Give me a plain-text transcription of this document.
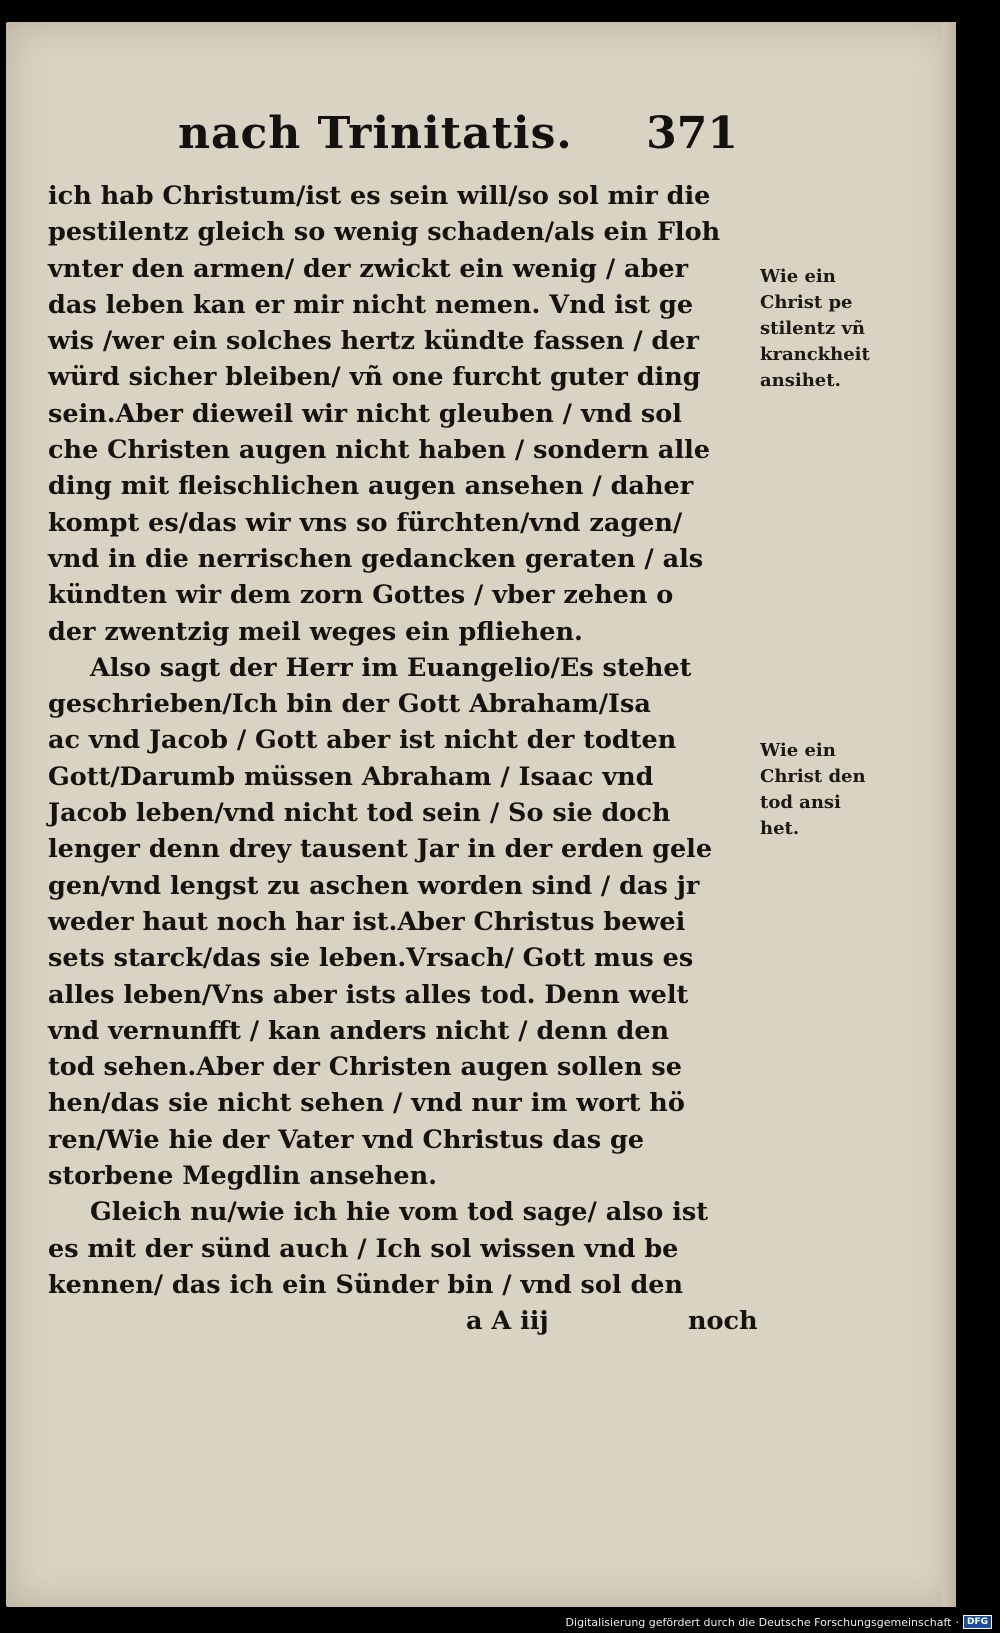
nach Trinitatis. 371
ich hab Christum/ist es sein will/so sol mir die
pestilentz gleich so wenig schaden/als ein Floh
vnter den armen/ der zwickt ein wenig / aber
das leben kan er mir nicht nemen. Vnd ist ge
wis /wer ein solches hertz kündte fassen / der
würd sicher bleiben/ vñ one furcht guter ding
sein.Aber dieweil wir nicht gleuben / vnd sol
che Christen augen nicht haben / sondern alle
ding mit fleischlichen augen ansehen / daher
kompt es/das wir vns so fürchten/vnd zagen/
vnd in die nerrischen gedancken geraten / als
kündten wir dem zorn Gottes / vber zehen o
der zwentzig meil weges ein pfliehen.
Also sagt der Herr im Euangelio/Es stehet
geschrieben/Ich bin der Gott Abraham/Isa
ac vnd Jacob / Gott aber ist nicht der todten
Gott/Darumb müssen Abraham / Isaac vnd
Jacob leben/vnd nicht tod sein / So sie doch
lenger denn drey tausent Jar in der erden gele
gen/vnd lengst zu aschen worden sind / das jr
weder haut noch har ist.Aber Christus bewei
sets starck/das sie leben.Vrsach/ Gott mus es
alles leben/Vns aber ists alles tod. Denn welt
vnd vernunfft / kan anders nicht / denn den
tod sehen.Aber der Christen augen sollen se
hen/das sie nicht sehen / vnd nur im wort hö
ren/Wie hie der Vater vnd Christus das ge
storbene Megdlin ansehen.
Gleich nu/wie ich hie vom tod sage/ also ist
es mit der sünd auch / Ich sol wissen vnd be
kennen/ das ich ein Sünder bin / vnd sol den
a A iij	noch
Wie ein
Christ pe
stilentz vñ
kranckheit
ansihet.
Wie ein
Christ den
tod ansi
het.
Digitalisierung gefördert durch die Deutsche Forschungsgemeinschaft · DFG
